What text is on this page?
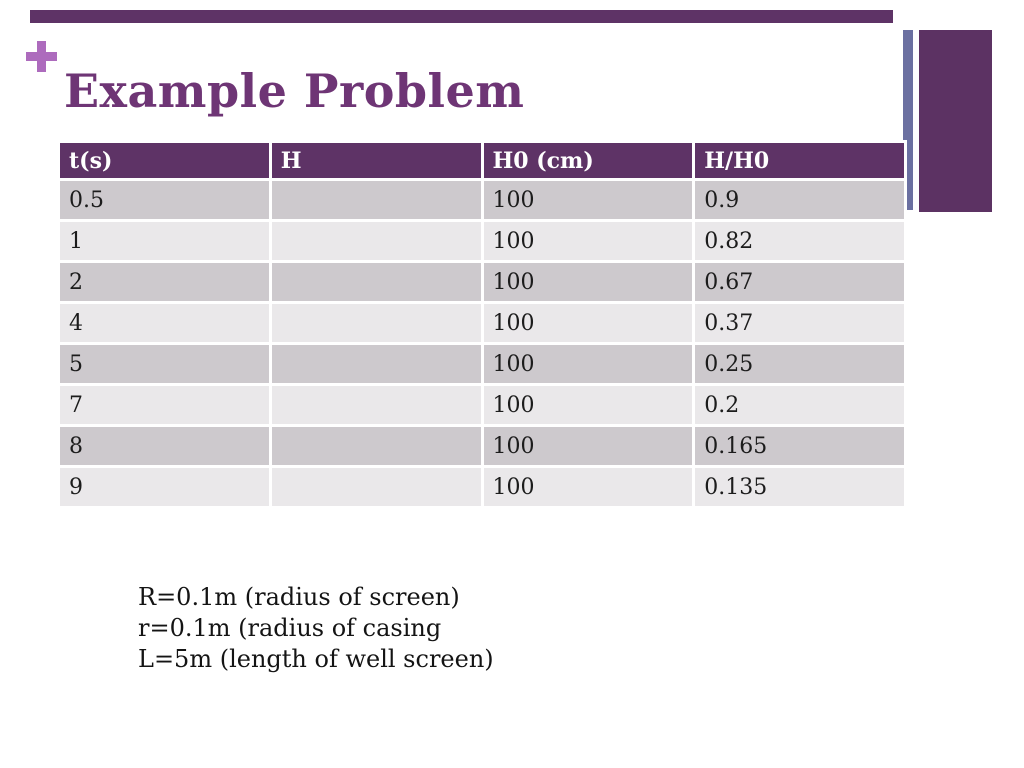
Example Problem
t(s)	H	H0 (cm)	H/H0
0.5		100	0.9
1		100	0.82
2		100	0.67
4		100	0.37
5		100	0.25
7		100	0.2
8		100	0.165
9		100	0.135
R=0.1m (radius of screen)
r=0.1m (radius of casing
L=5m (length of well screen)
